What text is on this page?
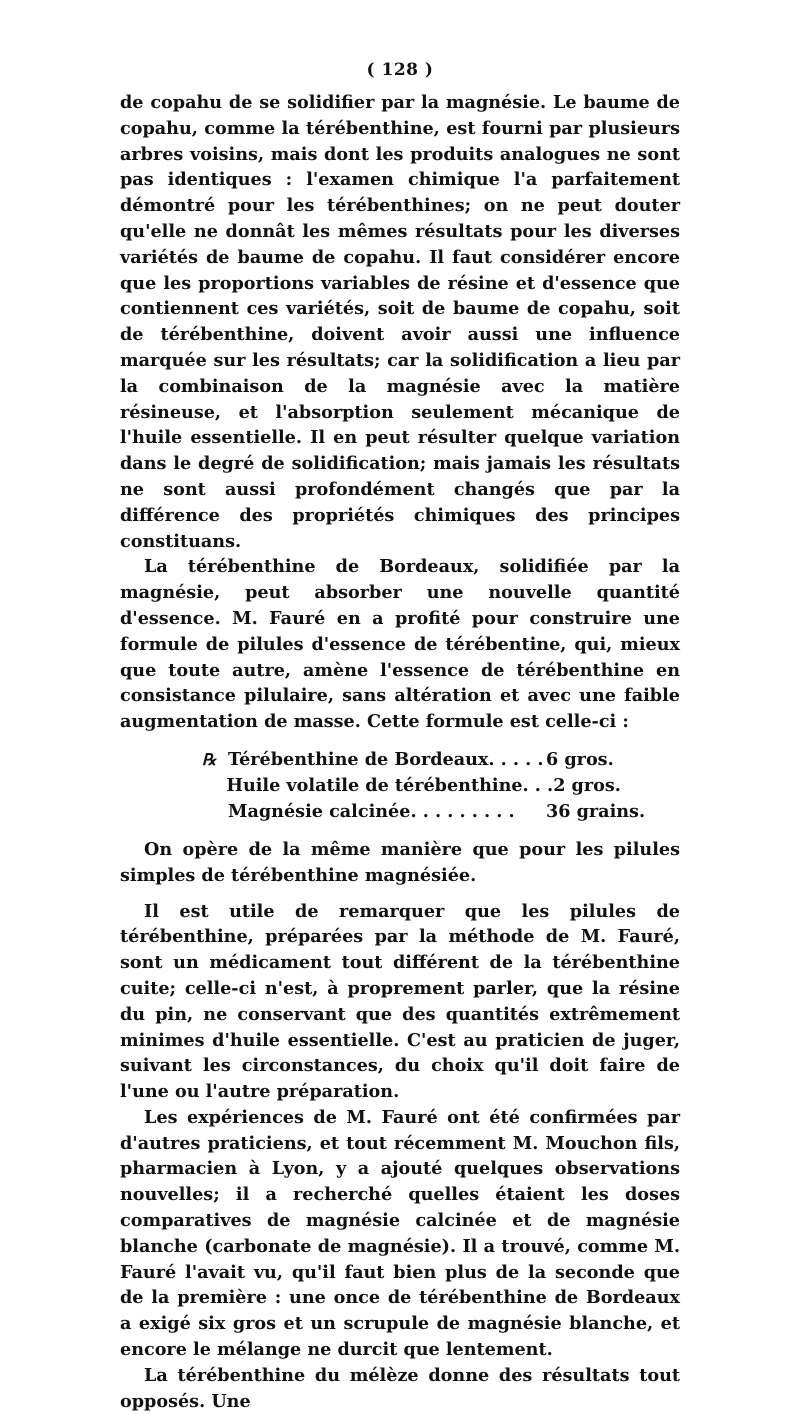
( 128 )

de copahu de se solidifier par la magnésie. Le baume de copahu, comme la térébenthine, est fourni par plusieurs arbres voisins, mais dont les produits analogues ne sont pas identiques : l'examen chimique l'a parfaitement démontré pour les térébenthines; on ne peut douter qu'elle ne donnât les mêmes résultats pour les diverses variétés de baume de copahu. Il faut considérer encore que les proportions variables de résine et d'essence que contiennent ces variétés, soit de baume de copahu, soit de térébenthine, doivent avoir aussi une influence marquée sur les résultats; car la solidification a lieu par la combinaison de la magnésie avec la matière résineuse, et l'absorption seulement mécanique de l'huile essentielle. Il en peut résulter quelque variation dans le degré de solidification; mais jamais les résultats ne sont aussi profondément changés que par la différence des propriétés chimiques des principes constituans.

La térébenthine de Bordeaux, solidifiée par la magnésie, peut absorber une nouvelle quantité d'essence. M. Fauré en a profité pour construire une formule de pilules d'essence de térébentine, qui, mieux que toute autre, amène l'essence de térébenthine en consistance pilulaire, sans altération et avec une faible augmentation de masse. Cette formule est celle-ci :

℞ Térébenthine de Bordeaux. . . . . 6 gros.
Huile volatile de térébenthine. . . 2 gros.
Magnésie calcinée. . . . . . . . .	36 grains.

On opère de la même manière que pour les pilules simples de térébenthine magnésiée.

Il est utile de remarquer que les pilules de térébenthine, préparées par la méthode de M. Fauré, sont un médicament tout différent de la térébenthine cuite; celle-ci n'est, à proprement parler, que la résine du pin, ne conservant que des quantités extrêmement minimes d'huile essentielle. C'est au praticien de juger, suivant les circonstances, du choix qu'il doit faire de l'une ou l'autre préparation.

Les expériences de M. Fauré ont été confirmées par d'autres praticiens, et tout récemment M. Mouchon fils, pharmacien à Lyon, y a ajouté quelques observations nouvelles; il a recherché quelles étaient les doses comparatives de magnésie calcinée et de magnésie blanche (carbonate de magnésie). Il a trouvé, comme M. Fauré l'avait vu, qu'il faut bien plus de la seconde que de la première : une once de térébenthine de Bordeaux a exigé six gros et un scrupule de magnésie blanche, et encore le mélange ne durcit que lentement.

La térébenthine du mélèze donne des résultats tout opposés. Une
